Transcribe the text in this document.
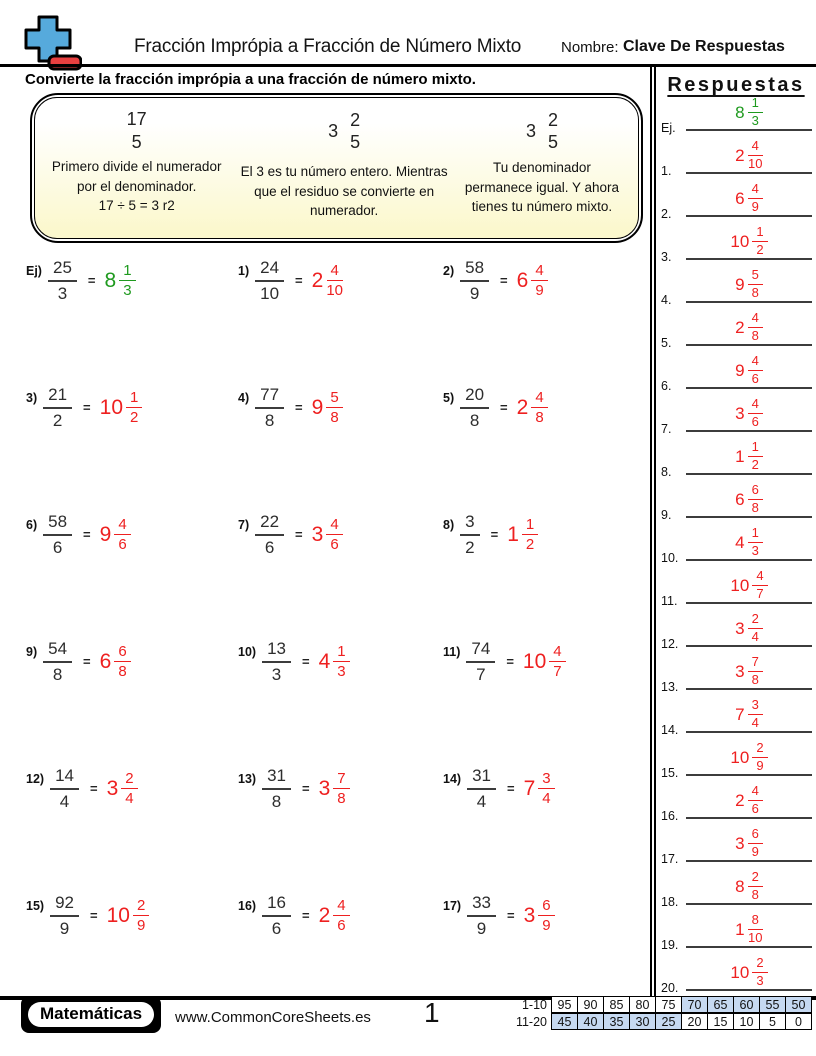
Fracción Imprópia a Fracción de Número Mixto	Nombre: Clave De Respuestas
Convierte la fracción imprópia a una fracción de número mixto.
17
5
Primero divide el numerador por el denominador.
17 ÷ 5 = 3 r2
3
2
5
El 3 es tu número entero. Mientras que el residuo se convierte en numerador.
3
2
5
Tu denominador permanece igual. Y ahora tienes tu número mixto.
$Ej) \frac{25}{3} = 8 \frac{1}{3}$	$1) \frac{24}{10} = 2 \frac{4}{10}$	$2) \frac{58}{9} = 6 \frac{4}{9}$
$3) \frac{21}{2} = 10 \frac{1}{2}$	$4) \frac{77}{8} = 9 \frac{5}{8}$	$5) \frac{20}{8} = 2 \frac{4}{8}$
$6) \frac{58}{6} = 9 \frac{4}{6}$	$7) \frac{22}{6} = 3 \frac{4}{6}$	$8) \frac{3}{2} = 1 \frac{1}{2}$
$9) \frac{54}{8} = 6 \frac{6}{8}$	$10) \frac{13}{3} = 4 \frac{1}{3}$	$11) \frac{74}{7} = 10 \frac{4}{7}$
$12) \frac{14}{4} = 3 \frac{2}{4}$	$13) \frac{31}{8} = 3 \frac{7}{8}$	$14) \frac{31}{4} = 7 \frac{3}{4}$
$15) \frac{92}{9} = 10 \frac{2}{9}$	$16) \frac{16}{6} = 2 \frac{4}{6}$	$17) \frac{33}{9} = 3 \frac{6}{9}$
Respuestas
Ej.
$8 \frac{1}{3}$
1.
$2 \frac{4}{10}$
2.
$6 \frac{4}{9}$
3.
$10 \frac{1}{2}$
4.
$9 \frac{5}{8}$
5.
$2 \frac{4}{8}$
6.
$9 \frac{4}{6}$
7.
$3 \frac{4}{6}$
8.
$1 \frac{1}{2}$
9.
$6 \frac{6}{8}$
10.
$4 \frac{1}{3}$
11.
$10 \frac{4}{7}$
12.
$3 \frac{2}{4}$
13.
$3 \frac{7}{8}$
14.
$7 \frac{3}{4}$
15.
$10 \frac{2}{9}$
16.
$2 \frac{4}{6}$
17.
$3 \frac{6}{9}$
18.
$8 \frac{2}{8}$
19.
$1 \frac{8}{10}$
20.
$10 \frac{2}{3}$
Matemáticas	www.CommonCoreSheets.es 1	1-10 95 90 85 80 75 70 65 60 55 50
11-20 45 40 35 30 25 20 15 10	5	0
